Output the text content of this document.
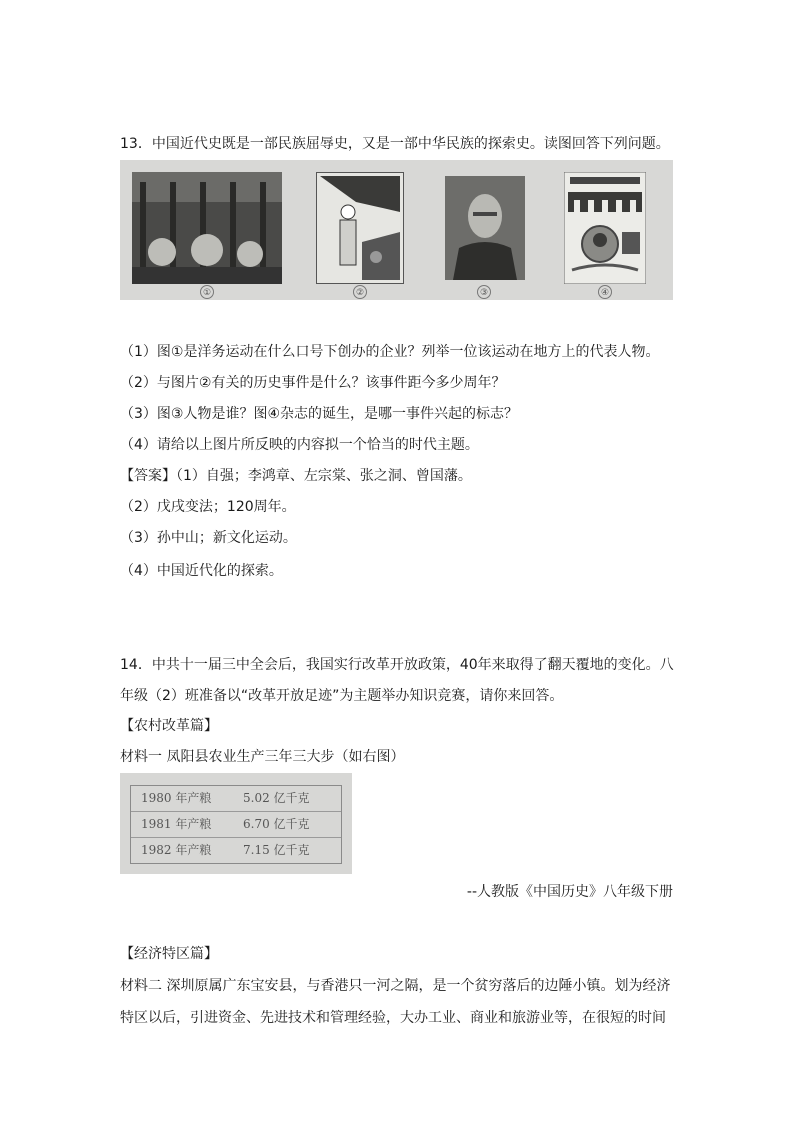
13．中国近代史既是一部民族屈辱史，又是一部中华民族的探索史。读图回答下列问题。
①	②	③	④
（1）图①是洋务运动在什么口号下创办的企业？列举一位该运动在地方上的代表人物。
（2）与图片②有关的历史事件是什么？该事件距今多少周年？
（3）图③人物是谁？图④杂志的诞生，是哪一事件兴起的标志？
（4）请给以上图片所反映的内容拟一个恰当的时代主题。
【答案】（1）自强；李鸿章、左宗棠、张之洞、曾国藩。
（2）戊戌变法；120周年。
（3）孙中山；新文化运动。
（4）中国近代化的探索。
14．中共十一届三中全会后，我国实行改革开放政策，40年来取得了翻天覆地的变化。八
年级（2）班准备以“改革开放足迹”为主题举办知识竞赛，请你来回答。
【农村改革篇】
材料一 凤阳县农业生产三年三大步（如右图）
1980 年产粮	5.02 亿千克
1981 年产粮	6.70 亿千克
1982 年产粮	7.15 亿千克
--人教版《中国历史》八年级下册
【经济特区篇】
材料二 深圳原属广东宝安县，与香港只一河之隔，是一个贫穷落后的边陲小镇。划为经济
特区以后，引进资金、先进技术和管理经验，大办工业、商业和旅游业等，在很短的时间
